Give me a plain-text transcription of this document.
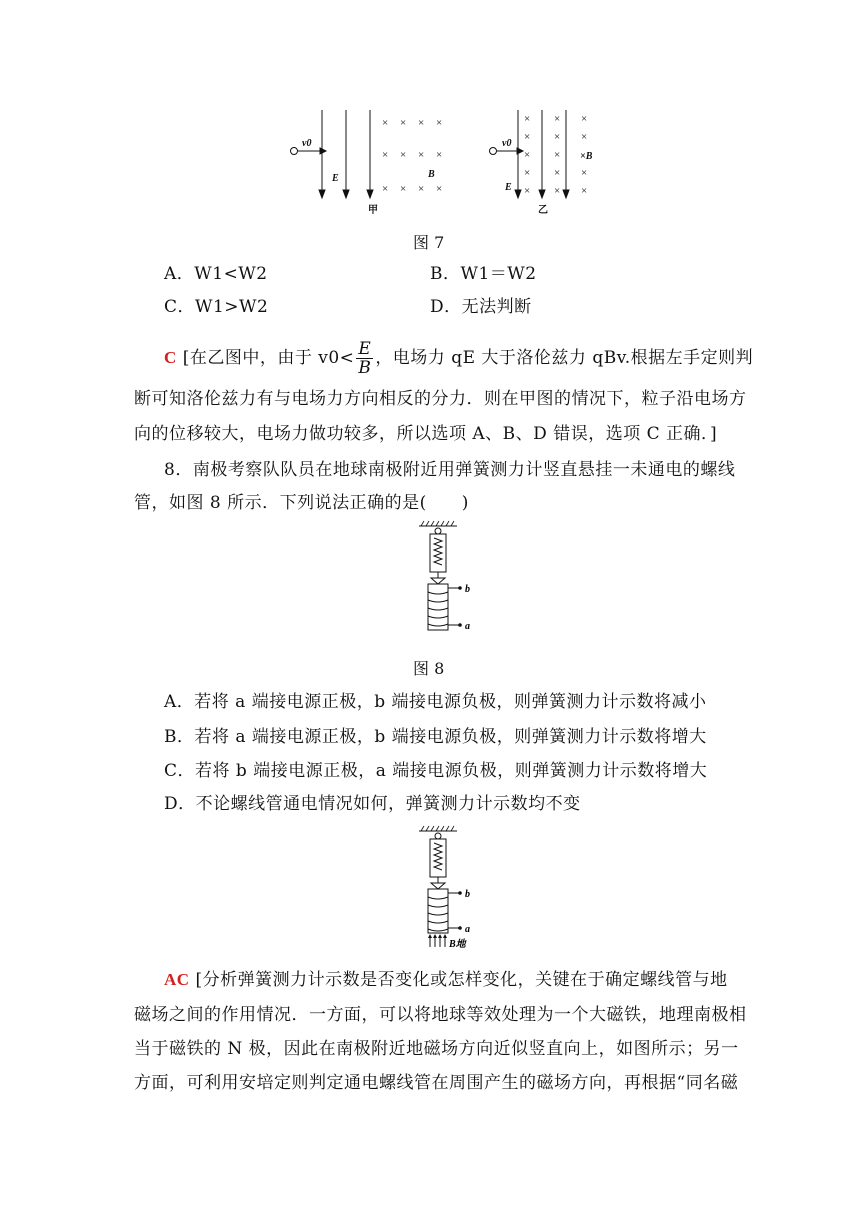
× × × ×
× × × ×
× × × ×
× × ×
× × ×
× ×
× × ×
× × ×
v0
E	B
v0
E
×B
甲	乙
图 7
A．W1<W2	B．W1＝W2
C．W1>W2	D．无法判断
C [在乙图中，由于 $v0< \frac{E}{B}$ ，电场力 qE 大于洛伦兹力 qBv.根据左手定则判
断可知洛伦兹力有与电场力方向相反的分力．则在甲图的情况下，粒子沿电场方
向的位移较大，电场力做功较多，所以选项 A、B、D 错误，选项 C 正确．]
8．南极考察队队员在地球南极附近用弹簧测力计竖直悬挂一未通电的螺线
管，如图 8 所示．下列说法正确的是(　　)
b
a
图 8
A．若将 a 端接电源正极，b 端接电源负极，则弹簧测力计示数将减小
B．若将 a 端接电源正极，b 端接电源负极，则弹簧测力计示数将增大
C．若将 b 端接电源正极，a 端接电源负极，则弹簧测力计示数将增大
D．不论螺线管通电情况如何，弹簧测力计示数均不变
b
a
B地
AC [分析弹簧测力计示数是否变化或怎样变化，关键在于确定螺线管与地
磁场之间的作用情况．一方面，可以将地球等效处理为一个大磁铁，地理南极相
当于磁铁的 N 极，因此在南极附近地磁场方向近似竖直向上，如图所示；另一
方面，可利用安培定则判定通电螺线管在周围产生的磁场方向，再根据“同名磁
